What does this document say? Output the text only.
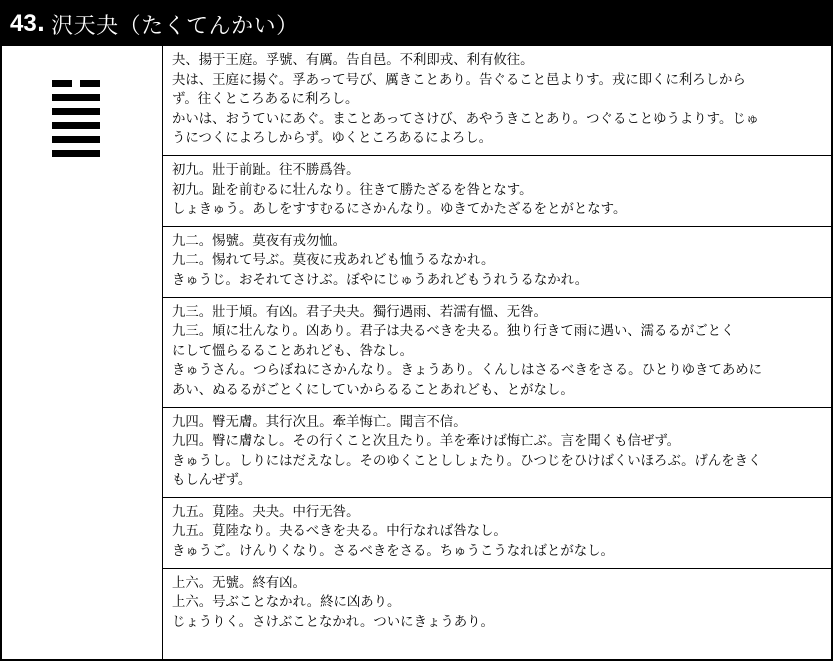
43 . 沢天夬（たくてんかい）

夬、揚于王庭。孚號、有厲。告自邑。不利即戎、利有攸往。

夬は、王庭に揚ぐ。孚あって号び、厲きことあり。告ぐること邑よりす。戎に即くに利ろしから

ず。往くところあるに利ろし。

かいは、おうていにあぐ。まことあってさけび、あやうきことあり。つぐることゆうよりす。じゅ

うにつくによろしからず。ゆくところあるによろし。

初九。壯于前趾。往不勝爲咎。

初九。趾を前むるに壮んなり。往きて勝たざるを咎となす。

しょきゅう。あしをすすむるにさかんなり。ゆきてかたざるをとがとなす。

九二。惕號。莫夜有戎勿恤。

九二。惕れて号ぶ。莫夜に戎あれども恤うるなかれ。

きゅうじ。おそれてさけぶ。ぼやにじゅうあれどもうれうるなかれ。

九三。壯于頄。有凶。君子夬夬。獨行遇雨、若濡有慍、无咎。

九三。頄に壮んなり。凶あり。君子は夬るべきを夬る。独り行きて雨に遇い、濡るるがごとく

にして慍らるることあれども、咎なし。

きゅうさん。つらぼねにさかんなり。きょうあり。くんしはさるべきをさる。ひとりゆきてあめに

あい、ぬるるがごとくにしていからるることあれども、とがなし。

九四。臀无膚。其行次且。牽羊悔亡。聞言不信。

九四。臀に膚なし。その行くこと次且たり。羊を牽けば悔亡ぶ。言を聞くも信ぜず。

きゅうし。しりにはだえなし。そのゆくことししょたり。ひつじをひけばくいほろぶ。げんをきく

もしんぜず。

九五。莧陸。夬夬。中行无咎。

九五。莧陸なり。夬るべきを夬る。中行なれば咎なし。

きゅうご。けんりくなり。さるべきをさる。ちゅうこうなればとがなし。

上六。无號。終有凶。

上六。号ぶことなかれ。終に凶あり。

じょうりく。さけぶことなかれ。ついにきょうあり。
